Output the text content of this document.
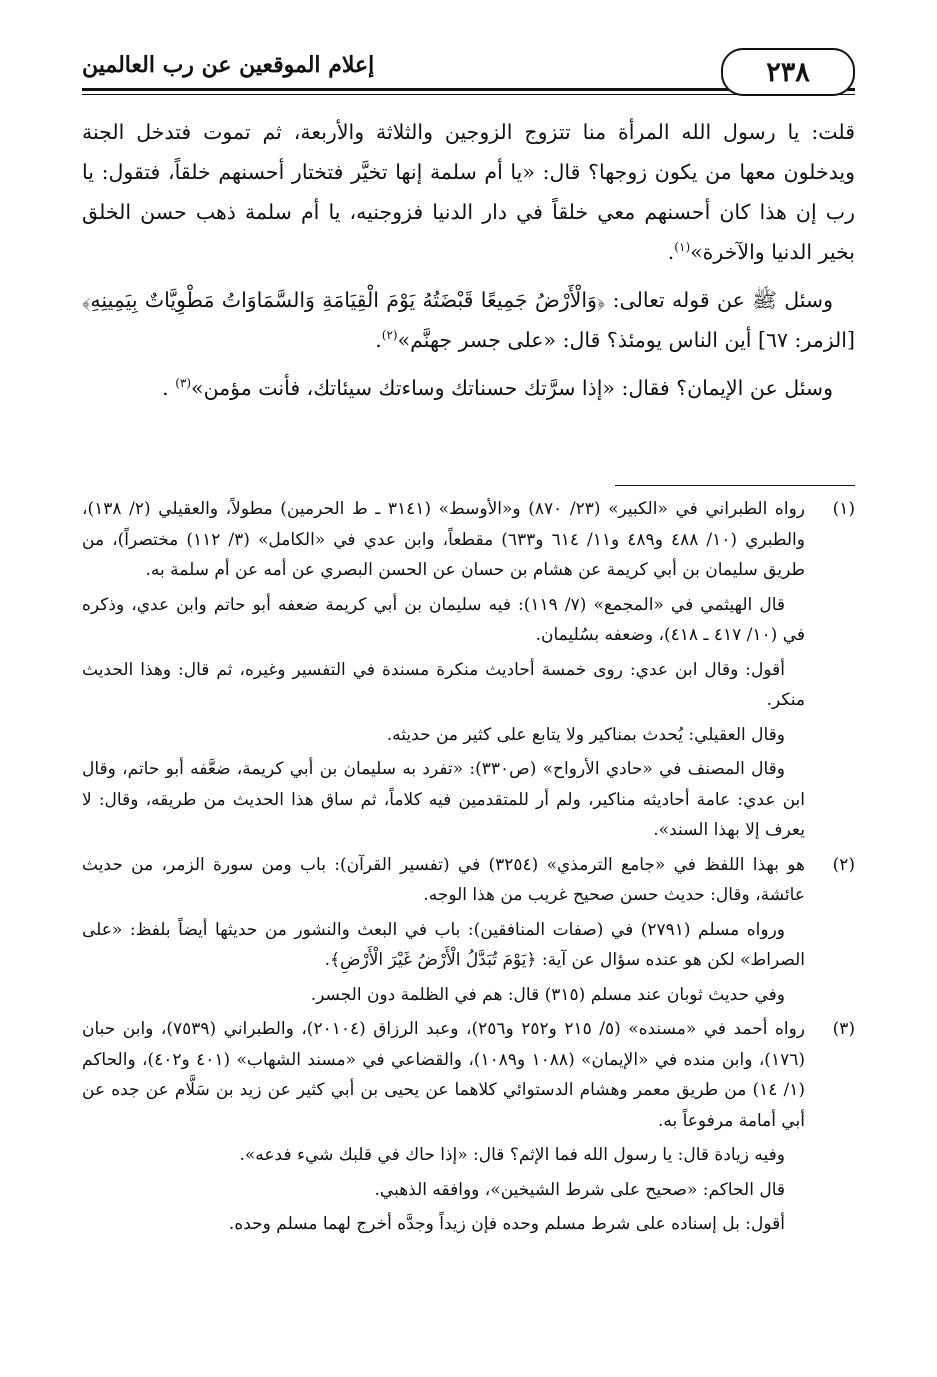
٢٣٨
إعلام الموقعين عن رب العالمين

قلت: يا رسول الله المرأة منا تتزوج الزوجين والثلاثة والأربعة، ثم تموت فتدخل الجنة ويدخلون معها من يكون زوجها؟ قال: «يا أم سلمة إنها تخيَّر فتختار أحسنهم خلقاً، فتقول: يا رب إن هذا كان أحسنهم معي خلقاً في دار الدنيا فزوجنيه، يا أم سلمة ذهب حسن الخلق بخير الدنيا والآخرة»$^{(١)}$.

وسئل ﷺ عن قوله تعالى: ﴿وَالْأَرْضُ جَمِيعًا قَبْضَتُهُ يَوْمَ الْقِيَامَةِ وَالسَّمَاوَاتُ مَطْوِيَّاتٌ بِيَمِينِهِ﴾ [الزمر: ٦٧] أين الناس يومئذ؟ قال: «على جسر جهنَّم»$^{(٢)}$.

وسئل عن الإيمان؟ فقال: «إذا سرَّتك حسناتك وساءتك سيئاتك، فأنت مؤمن»$^{(٣)}$ .

(١)

رواه الطبراني في «الكبير» (٢٣/ ٨٧٠) و«الأوسط» (٣١٤١ ـ ط الحرمين) مطولاً، والعقيلي (٢/ ١٣٨)، والطبري (١٠/ ٤٨٨ و٤٨٩ و١١/ ٦١٤ و٦٣٣) مقطعاً، وابن عدي في «الكامل» (٣/ ١١٢) مختصراً)، من طريق سليمان بن أبي كريمة عن هشام بن حسان عن الحسن البصري عن أمه عن أم سلمة به.

قال الهيثمي في «المجمع» (٧/ ١١٩): فيه سليمان بن أبي كريمة ضعفه أبو حاتم وابن عدي، وذكره في (١٠/ ٤١٧ ـ ٤١٨)، وضعفه بسُليمان.

أقول: وقال ابن عدي: روى خمسة أحاديث منكرة مسندة في التفسير وغيره، ثم قال: وهذا الحديث منكر.

وقال العقيلي: يُحدث بمناكير ولا يتابع على كثير من حديثه.

وقال المصنف في «حادي الأرواح» (ص٣٣٠): «تفرد به سليمان بن أبي كريمة، ضعَّفه أبو حاتم، وقال ابن عدي: عامة أحاديثه مناكير، ولم أر للمتقدمين فيه كلاماً، ثم ساق هذا الحديث من طريقه، وقال: لا يعرف إلا بهذا السند».

(٢)

هو بهذا اللفظ في «جامع الترمذي» (٣٢٥٤) في (تفسير القرآن): باب ومن سورة الزمر، من حديث عائشة، وقال: حديث حسن صحيح غريب من هذا الوجه.

ورواه مسلم (٢٧٩١) في (صفات المنافقين): باب في البعث والنشور من حديثها أيضاً بلفظ: «على الصراط» لكن هو عنده سؤال عن آية: ﴿يَوْمَ تُبَدَّلُ الْأَرْضُ غَيْرَ الْأَرْضِ﴾.

وفي حديث ثوبان عند مسلم (٣١٥) قال: هم في الظلمة دون الجسر.

(٣)

رواه أحمد في «مسنده» (٥/ ٢١٥ و٢٥٢ و٢٥٦)، وعبد الرزاق (٢٠١٠٤)، والطبراني (٧٥٣٩)، وابن حبان (١٧٦)، وابن منده في «الإيمان» (١٠٨٨ و١٠٨٩)، والقضاعي في «مسند الشهاب» (٤٠١ و٤٠٢)، والحاكم (١/ ١٤) من طريق معمر وهشام الدستوائي كلاهما عن يحيى بن أبي كثير عن زيد بن سَلَّام عن جده عن أبي أمامة مرفوعاً به.

وفيه زيادة قال: يا رسول الله فما الإثم؟ قال: «إذا حاك في قلبك شيء فدعه».

قال الحاكم: «صحيح على شرط الشيخين»، ووافقه الذهبي.

أقول: بل إسناده على شرط مسلم وحده فإن زيداً وجدَّه أخرج لهما مسلم وحده.
